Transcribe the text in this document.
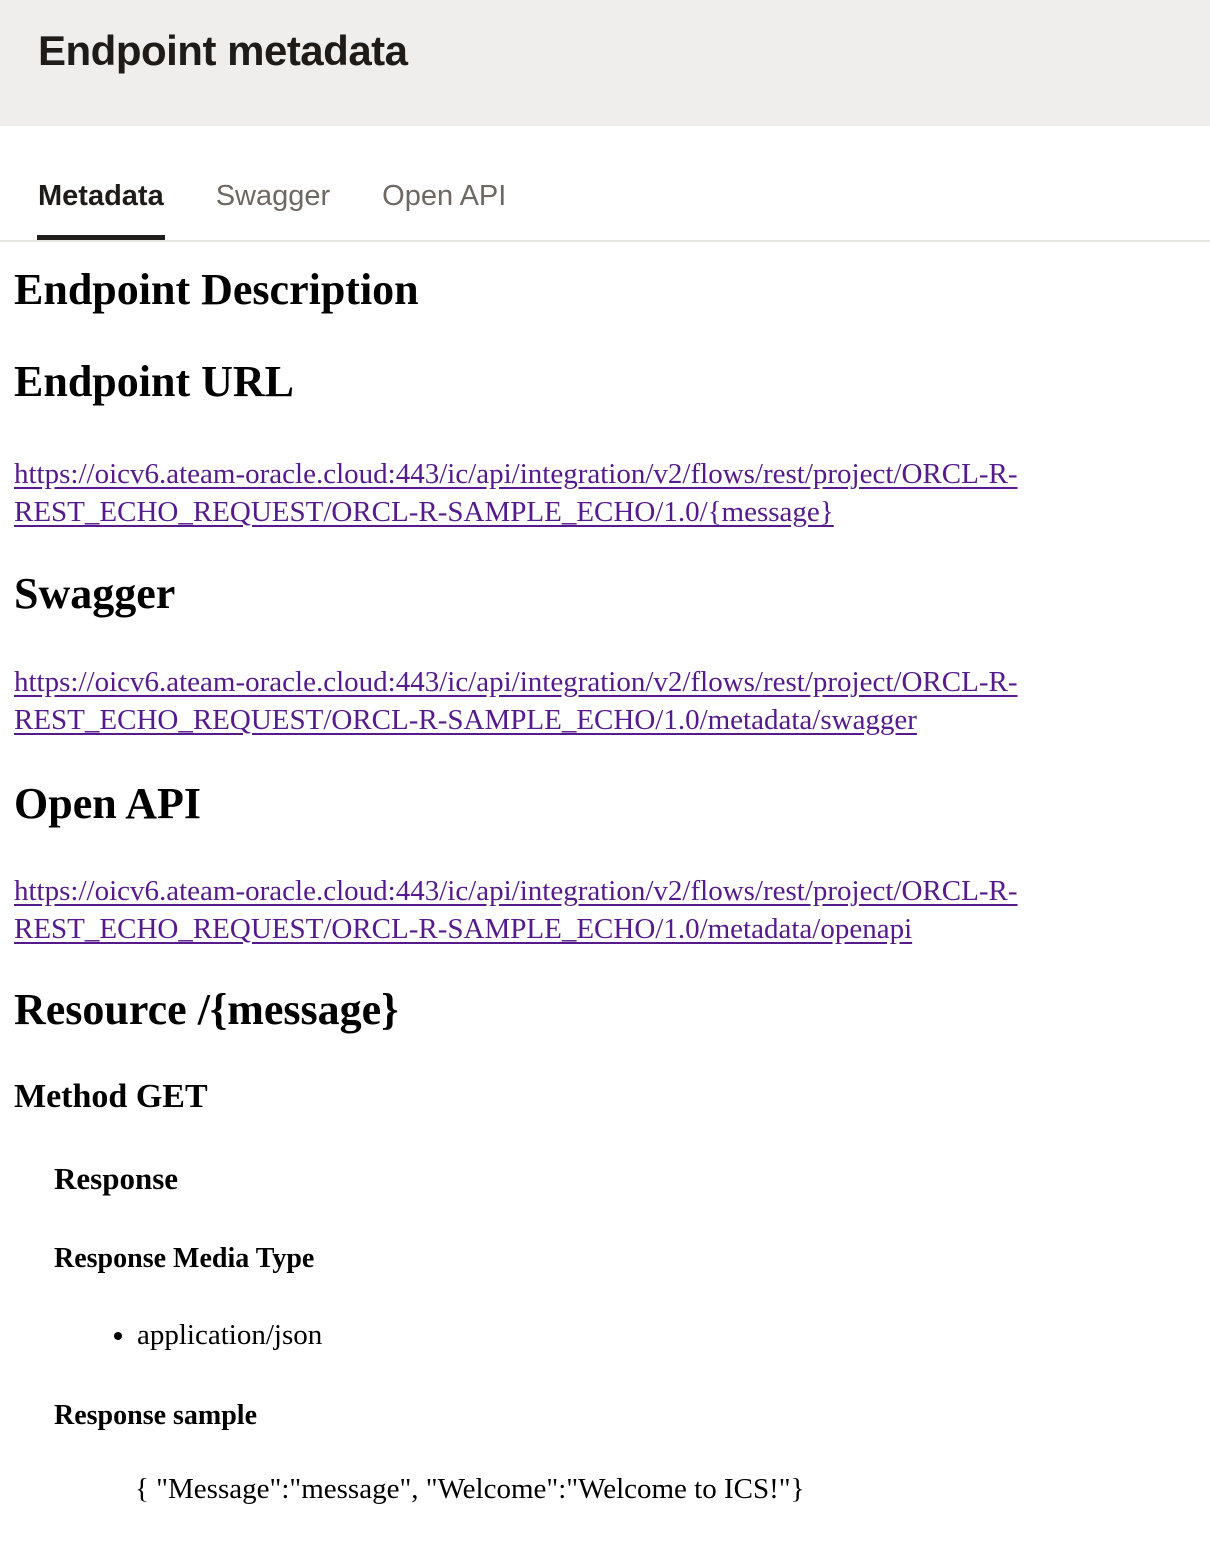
Endpoint metadata
Metadata Swagger Open API
Endpoint Description
Endpoint URL

https://oicv6.ateam-oracle.cloud:443/ic/api/integration/v2/flows/rest/project/ORCL-R-
REST_ECHO_REQUEST/ORCL-R-SAMPLE_ECHO/1.0/{message}

Swagger

https://oicv6.ateam-oracle.cloud:443/ic/api/integration/v2/flows/rest/project/ORCL-R-
REST_ECHO_REQUEST/ORCL-R-SAMPLE_ECHO/1.0/metadata/swagger

Open API

https://oicv6.ateam-oracle.cloud:443/ic/api/integration/v2/flows/rest/project/ORCL-R-
REST_ECHO_REQUEST/ORCL-R-SAMPLE_ECHO/1.0/metadata/openapi

Resource /{message}
Method GET
Response
Response Media Type
• application/json
Response sample

{ "Message":"message", "Welcome":"Welcome to ICS!"}
